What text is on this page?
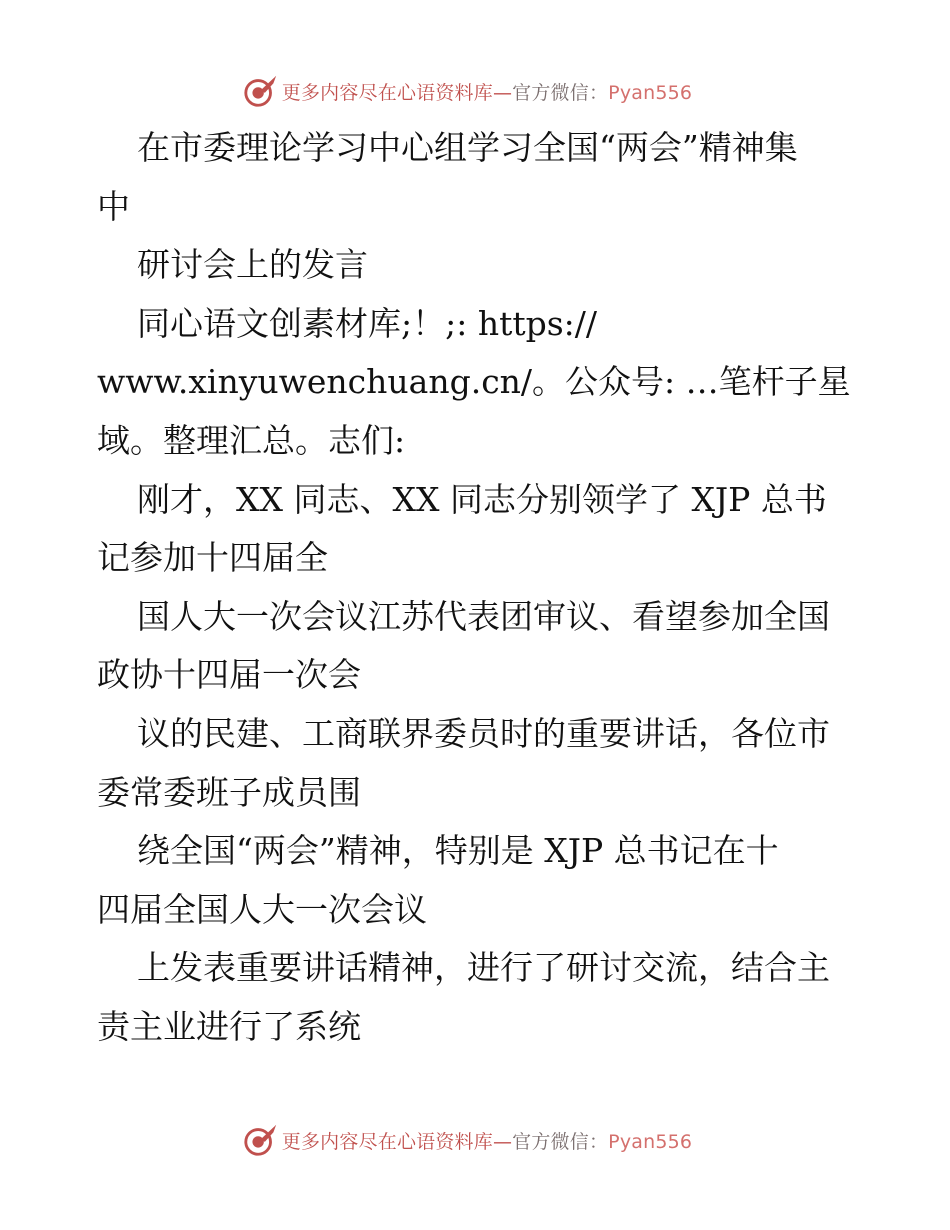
更多内容尽在心语资料库—官方微信：Pyan556

在市委理论学习中心组学习全国“两会”精神集

中

研讨会上的发言

同心语文创素材库;！;: https://

www.xinyuwenchuang.cn/。公众号: …笔杆子星

域。整理汇总。志们:

刚才，XX 同志、XX 同志分别领学了 XJP 总书

记参加十四届全

国人大一次会议江苏代表团审议、看望参加全国

政协十四届一次会

议的民建、工商联界委员时的重要讲话，各位市

委常委班子成员围

绕全国“两会”精神，特别是 XJP 总书记在十

四届全国人大一次会议

上发表重要讲话精神，进行了研讨交流，结合主

责主业进行了系统

更多内容尽在心语资料库—官方微信：Pyan556
